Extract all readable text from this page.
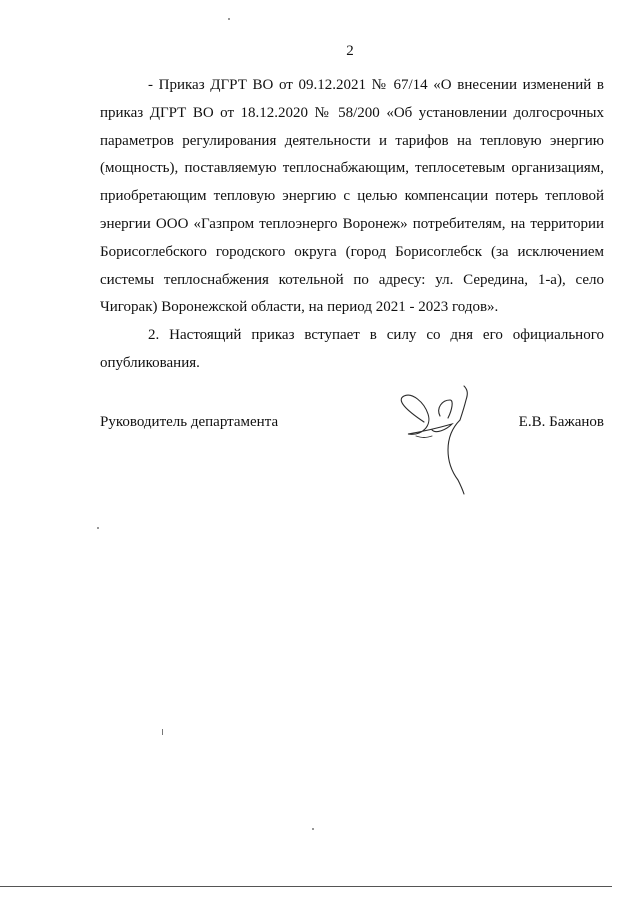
2
- Приказ ДГРТ ВО от 09.12.2021 № 67/14 «О внесении изменений в
приказ ДГРТ ВО от 18.12.2020 № 58/200 «Об установлении долгосрочных
параметров регулирования деятельности и тарифов на тепловую энергию
(мощность), поставляемую теплоснабжающим, теплосетевым организациям,
приобретающим тепловую энергию с целью компенсации потерь тепловой
энергии ООО «Газпром теплоэнерго Воронеж» потребителям, на территории
Борисоглебского городского округа (город Борисоглебск (за исключением
системы теплоснабжения котельной по адресу: ул. Середина, 1-а), село
Чигорак) Воронежской области, на период 2021 - 2023 годов».
2. Настоящий приказ вступает в силу со дня его официального
опубликования.
Руководитель департамента	Е.В. Бажанов
